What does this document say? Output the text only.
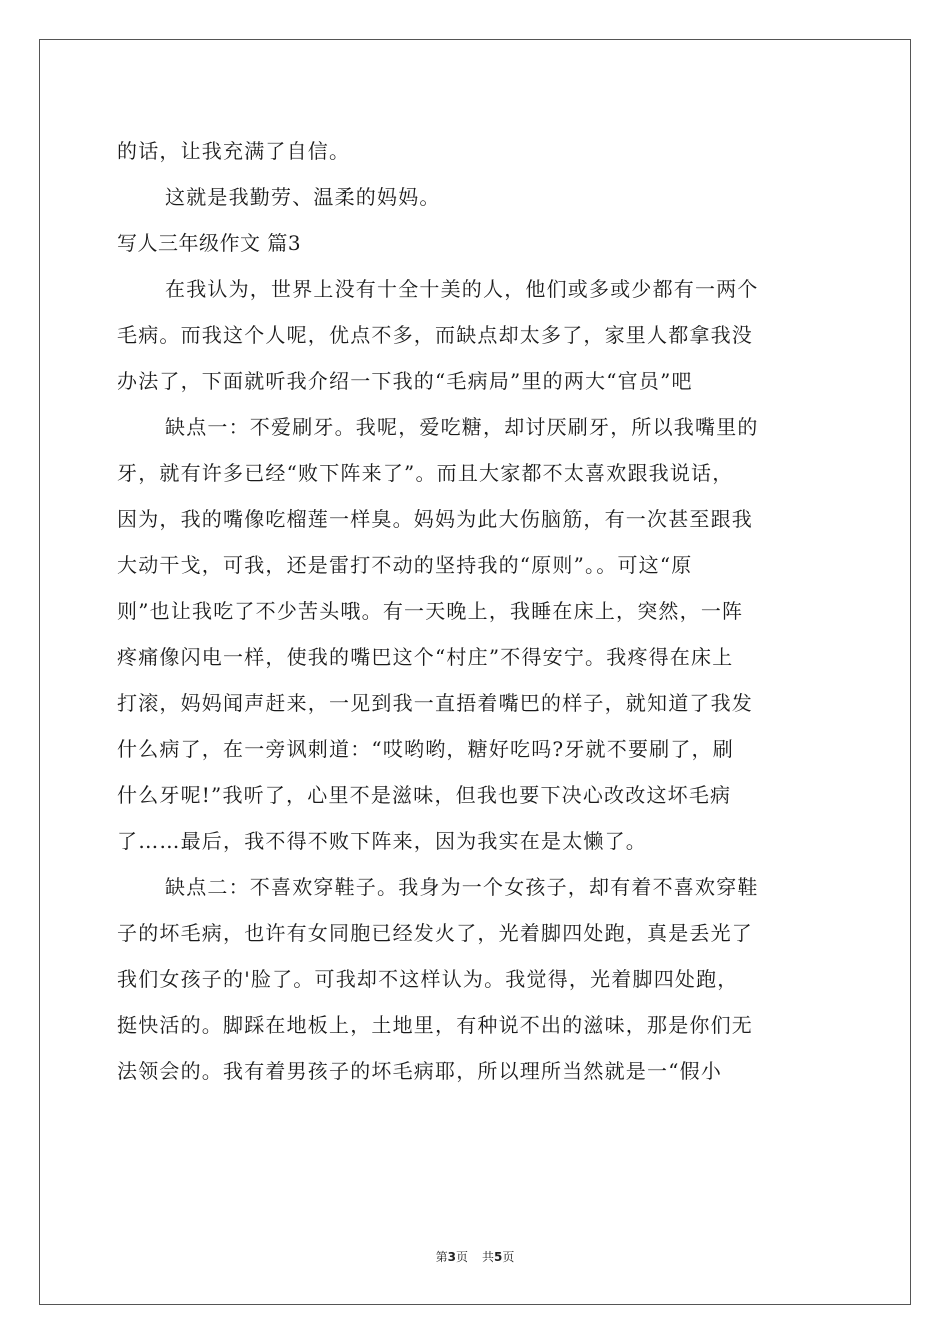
的话，让我充满了自信。
这就是我勤劳、温柔的妈妈。
写人三年级作文 篇3
在我认为，世界上没有十全十美的人，他们或多或少都有一两个
毛病。而我这个人呢，优点不多，而缺点却太多了，家里人都拿我没
办法了，下面就听我介绍一下我的“毛病局”里的两大“官员”吧
缺点一：不爱刷牙。我呢，爱吃糖，却讨厌刷牙，所以我嘴里的
牙，就有许多已经“败下阵来了”。而且大家都不太喜欢跟我说话，
因为，我的嘴像吃榴莲一样臭。妈妈为此大伤脑筋，有一次甚至跟我
大动干戈，可我，还是雷打不动的坚持我的“原则”。。可这“原
则”也让我吃了不少苦头哦。有一天晚上，我睡在床上，突然，一阵
疼痛像闪电一样，使我的嘴巴这个“村庄”不得安宁。我疼得在床上
打滚，妈妈闻声赶来，一见到我一直捂着嘴巴的样子，就知道了我发
什么病了，在一旁讽刺道：“哎哟哟，糖好吃吗?牙就不要刷了，刷
什么牙呢!”我听了，心里不是滋味，但我也要下决心改改这坏毛病
了……最后，我不得不败下阵来，因为我实在是太懒了。
缺点二：不喜欢穿鞋子。我身为一个女孩子，却有着不喜欢穿鞋
子的坏毛病，也许有女同胞已经发火了，光着脚四处跑，真是丢光了
我们女孩子的'脸了。可我却不这样认为。我觉得，光着脚四处跑，
挺快活的。脚踩在地板上，土地里，有种说不出的滋味，那是你们无
法领会的。我有着男孩子的坏毛病耶，所以理所当然就是一“假小
第3页 共5页
